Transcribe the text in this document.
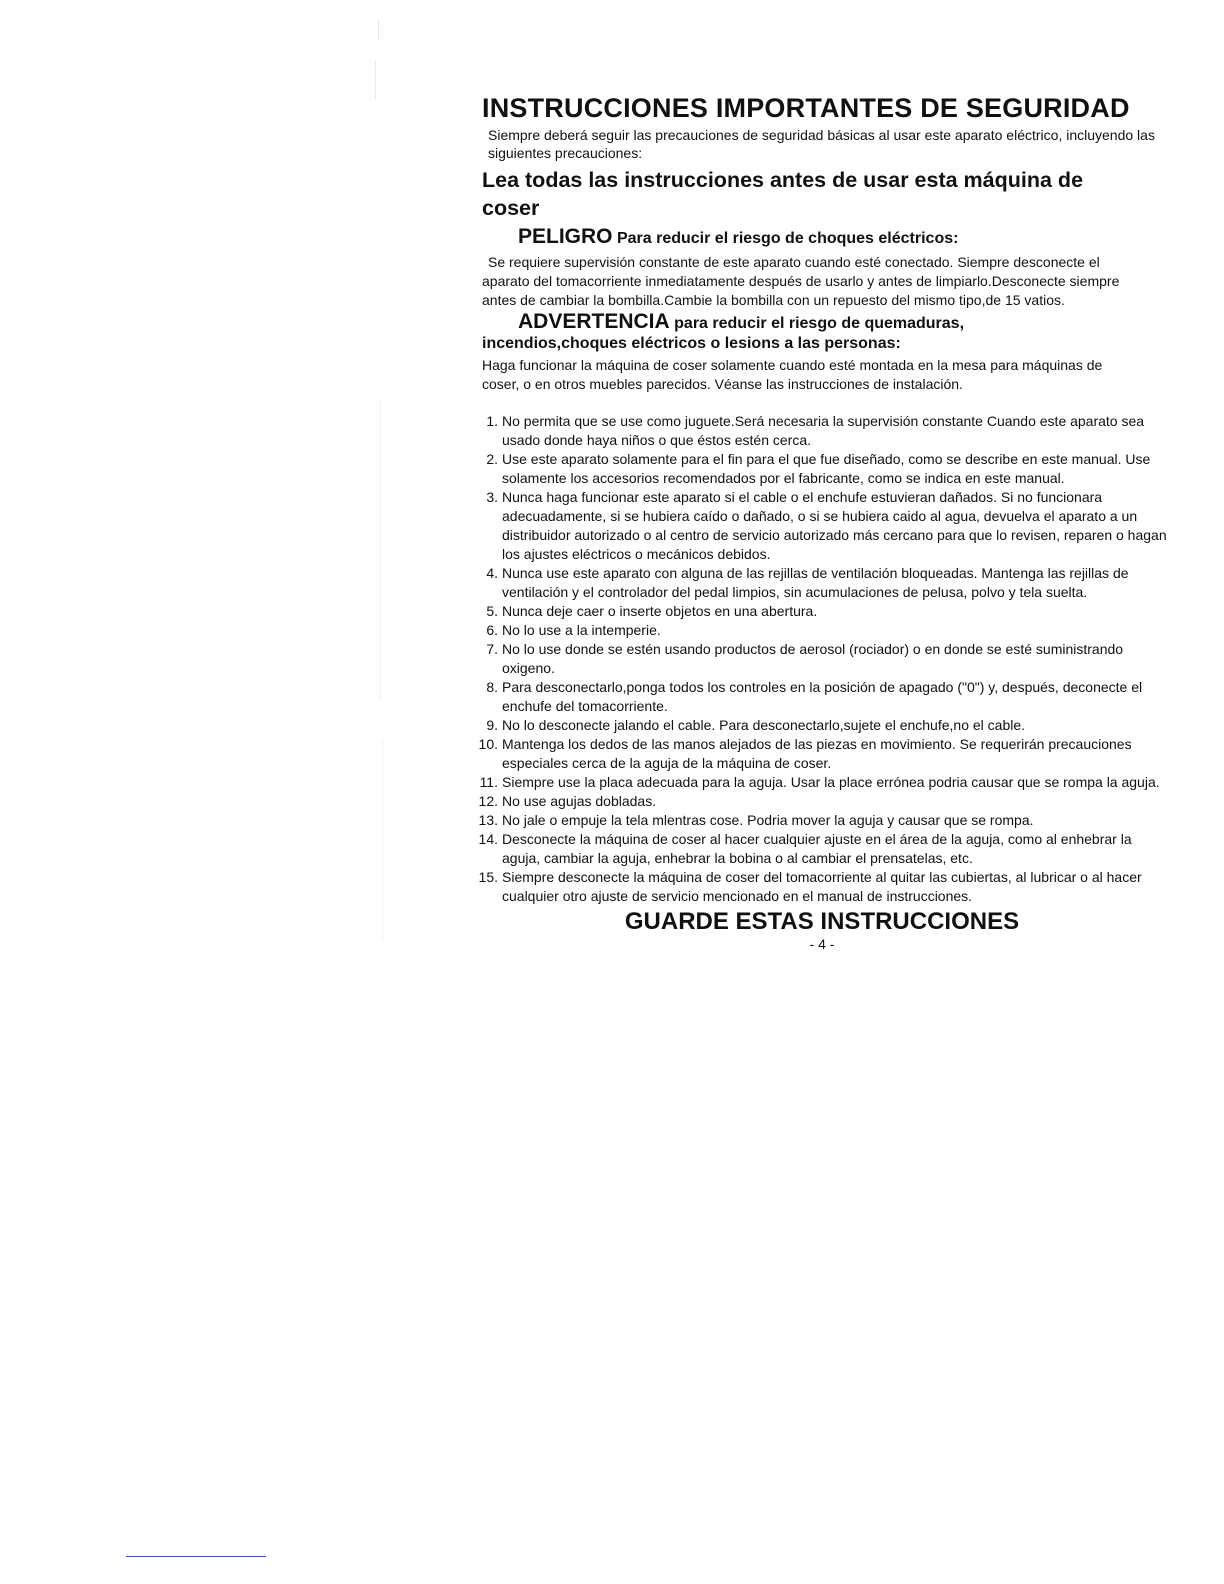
INSTRUCCIONES IMPORTANTES DE SEGURIDAD

Siempre deberá seguir las precauciones de seguridad básicas al usar este aparato eléctrico, incluyendo las siguientes precauciones:

Lea todas las instrucciones antes de usar esta máquina de coser
PELIGRO Para reducir el riesgo de choques eléctricos:

Se requiere supervisión constante de este aparato cuando esté conectado. Siempre desconecte el aparato del tomacorriente inmediatamente después de usarlo y antes de limpiarlo.Desconecte siempre antes de cambiar la bombilla.Cambie la bombilla con un repuesto del mismo tipo,de 15 vatios.

ADVERTENCIA para reducir el riesgo de quemaduras,
incendios,choques eléctricos o lesions a las personas:

Haga funcionar la máquina de coser solamente cuando esté montada en la mesa para máquinas de coser, o en otros muebles parecidos. Véanse las instrucciones de instalación.

1. No permita que se use como juguete.Será necesaria la supervisión constante Cuando este aparato sea usado donde haya niños o que éstos estén cerca.
2. Use este aparato solamente para el fin para el que fue diseñado, como se describe en este manual. Use solamente los accesorios recomendados por el fabricante, como se indica en este manual.
3. Nunca haga funcionar este aparato si el cable o el enchufe estuvieran dañados. Si no funcionara adecuadamente, si se hubiera caído o dañado, o si se hubiera caido al agua, devuelva el aparato a un distribuidor autorizado o al centro de servicio autorizado más cercano para que lo revisen, reparen o hagan los ajustes eléctricos o mecánicos debidos.
4. Nunca use este aparato con alguna de las rejillas de ventilación bloqueadas. Mantenga las rejillas de ventilación y el controlador del pedal limpios, sin acumulaciones de pelusa, polvo y tela suelta.
5. Nunca deje caer o inserte objetos en una abertura.
6. No lo use a la intemperie.
7. No lo use donde se estén usando productos de aerosol (rociador) o en donde se esté suministrando oxigeno.
8. Para desconectarlo,ponga todos los controles en la posición de apagado ("0") y, después, deconecte el enchufe del tomacorriente.
9. No lo desconecte jalando el cable. Para desconectarlo,sujete el enchufe,no el cable.
10. Mantenga los dedos de las manos alejados de las piezas en movimiento. Se requerirán precauciones especiales cerca de la aguja de la máquina de coser.
11. Siempre use la placa adecuada para la aguja. Usar la place errónea podria causar que se rompa la aguja.
12. No use agujas dobladas.
13. No jale o empuje la tela mlentras cose. Podria mover la aguja y causar que se rompa.
14. Desconecte la máquina de coser al hacer cualquier ajuste en el área de la aguja, como al enhebrar la aguja, cambiar la aguja, enhebrar la bobina o al cambiar el prensatelas, etc.
15. Siempre desconecte la máquina de coser del tomacorriente al quitar las cubiertas, al lubricar o al hacer cualquier otro ajuste de servicio mencionado en el manual de instrucciones.
GUARDE ESTAS INSTRUCCIONES

- 4 -
